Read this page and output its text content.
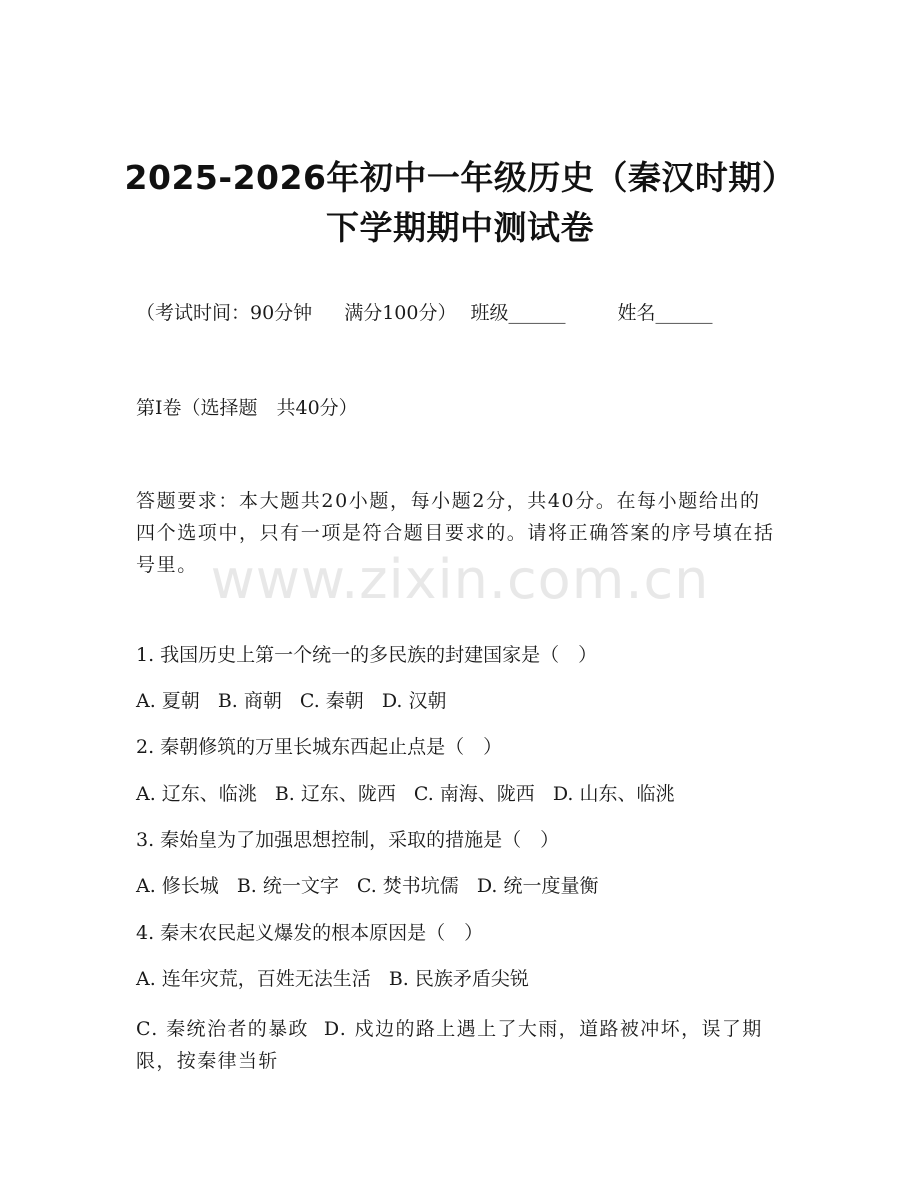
2025-2026年初中一年级历史（秦汉时期）
下学期期中测试卷
（考试时间：90分钟 满分100分） 班级______	姓名______
第Ⅰ卷（选择题　共40分）
答题要求：本大题共20小题，每小题2分，共40分。在每小题给出的四个选项中，只有一项是符合题目要求的。请将正确答案的序号填在括号里。 www.zixin.com.cn
1. 我国历史上第一个统一的多民族的封建国家是（　）
A. 夏朝 B. 商朝 C. 秦朝 D. 汉朝
2. 秦朝修筑的万里长城东西起止点是（　）
A. 辽东、临洮 B. 辽东、陇西 C. 南海、陇西 D. 山东、临洮
3. 秦始皇为了加强思想控制，采取的措施是（　）
A. 修长城 B. 统一文字 C. 焚书坑儒 D. 统一度量衡
4. 秦末农民起义爆发的根本原因是（　）
A. 连年灾荒，百姓无法生活 B. 民族矛盾尖锐
C. 秦统治者的暴政 D. 戍边的路上遇上了大雨，道路被冲坏，误了期限，按秦律当斩
